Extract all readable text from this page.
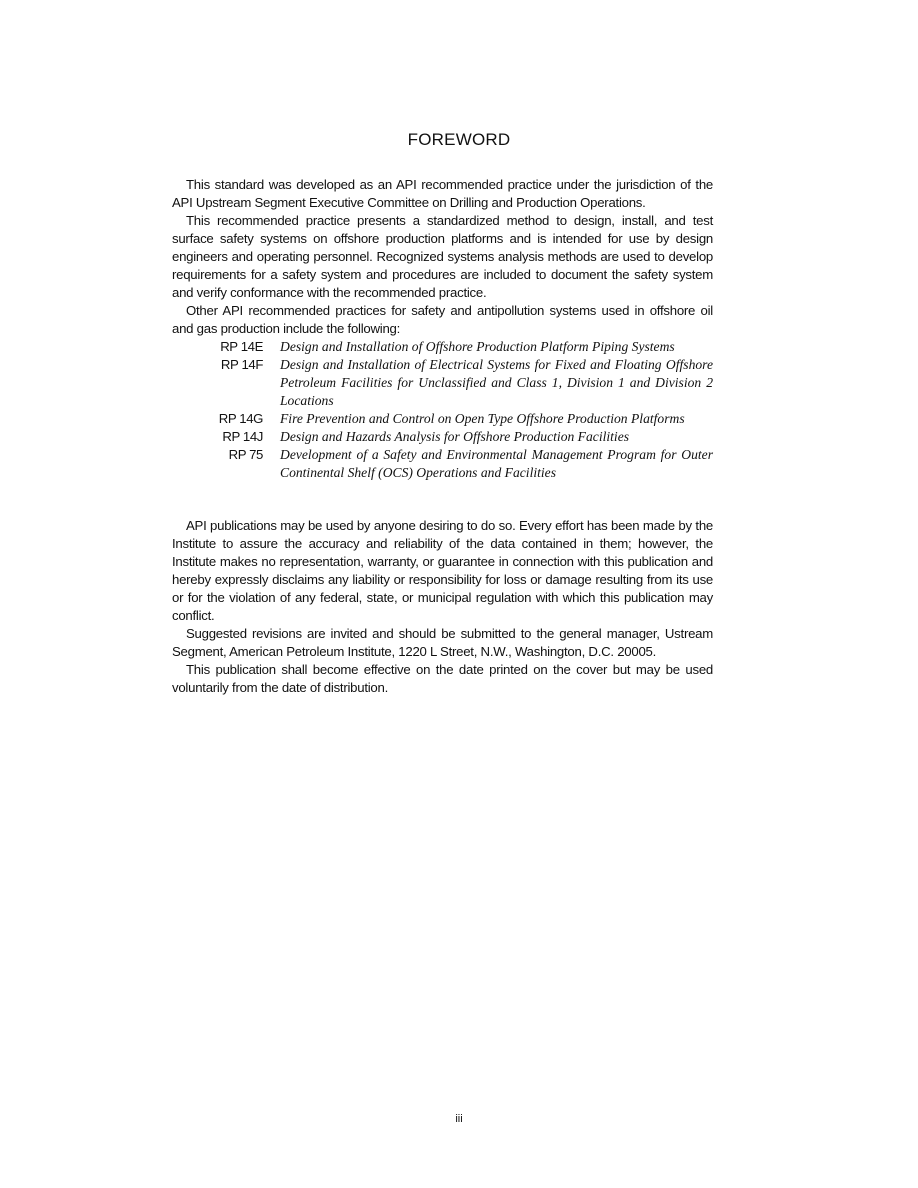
FOREWORD

This standard was developed as an API recommended practice under the jurisdiction of the API Upstream Segment Executive Committee on Drilling and Production Operations.

This recommended practice presents a standardized method to design, install, and test surface safety systems on offshore production platforms and is intended for use by design engineers and operating personnel. Recognized systems analysis methods are used to develop requirements for a safety system and procedures are included to document the safety system and verify conformance with the recommended practice.

Other API recommended practices for safety and antipollution systems used in offshore oil and gas production include the following:

RP 14E Design and Installation of Offshore Production Platform Piping Systems
RP 14F Design and Installation of Electrical Systems for Fixed and Floating Offshore Petroleum Facilities for Unclassified and Class 1, Division 1 and Division 2 Locations
RP 14G Fire Prevention and Control on Open Type Offshore Production Platforms
RP 14J Design and Hazards Analysis for Offshore Production Facilities
RP 75 Development of a Safety and Environmental Management Program for Outer Continental Shelf (OCS) Operations and Facilities

API publications may be used by anyone desiring to do so. Every effort has been made by the Institute to assure the accuracy and reliability of the data contained in them; however, the Institute makes no representation, warranty, or guarantee in connection with this publication and hereby expressly disclaims any liability or responsibility for loss or damage resulting from its use or for the violation of any federal, state, or municipal regulation with which this publication may conflict.

Suggested revisions are invited and should be submitted to the general manager, Ustream Segment, American Petroleum Institute, 1220 L Street, N.W., Washington, D.C. 20005.

This publication shall become effective on the date printed on the cover but may be used voluntarily from the date of distribution.

iii
